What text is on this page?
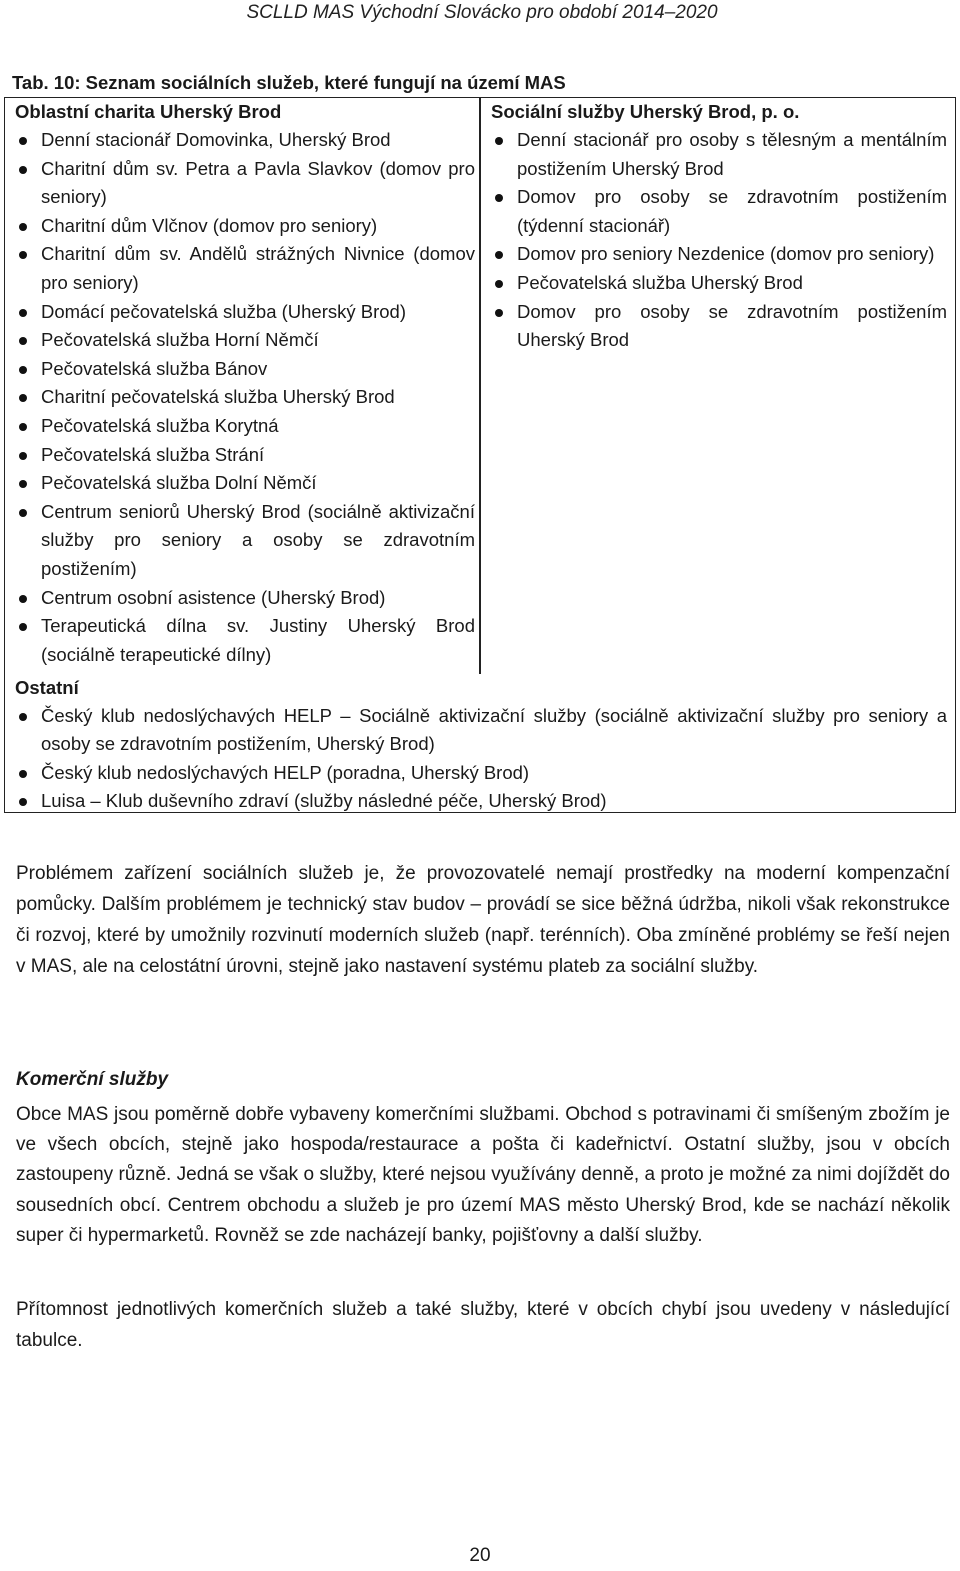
SCLLD MAS Východní Slovácko pro období 2014–2020
Tab. 10: Seznam sociálních služeb, které fungují na území MAS
Oblastní charita Uherský Brod
Denní stacionář Domovinka, Uherský Brod
Charitní dům sv. Petra a Pavla Slavkov (domov pro seniory)
Charitní dům Vlčnov (domov pro seniory)
Charitní dům sv. Andělů strážných Nivnice (domov pro seniory)
Domácí pečovatelská služba (Uherský Brod)
Pečovatelská služba Horní Němčí
Pečovatelská služba Bánov
Charitní pečovatelská služba Uherský Brod
Pečovatelská služba Korytná
Pečovatelská služba Strání
Pečovatelská služba Dolní Němčí
Centrum seniorů Uherský Brod (sociálně aktivizační služby pro seniory a osoby se zdravotním postižením)
Centrum osobní asistence (Uherský Brod)
Terapeutická dílna sv. Justiny Uherský Brod (sociálně terapeutické dílny)
Sociální služby Uherský Brod, p. o.
Denní stacionář pro osoby s tělesným a mentálním postižením Uherský Brod
Domov pro osoby se zdravotním postižením (týdenní stacionář)
Domov pro seniory Nezdenice (domov pro seniory)
Pečovatelská služba Uherský Brod
Domov pro osoby se zdravotním postižením Uherský Brod
Ostatní
Český klub nedoslýchavých HELP – Sociálně aktivizační služby (sociálně aktivizační služby pro seniory a osoby se zdravotním postižením, Uherský Brod)
Český klub nedoslýchavých HELP (poradna, Uherský Brod)
Luisa – Klub duševního zdraví (služby následné péče, Uherský Brod)
Problémem zařízení sociálních služeb je, že provozovatelé nemají prostředky na moderní kompenzační pomůcky. Dalším problémem je technický stav budov – provádí se sice běžná údržba, nikoli však rekonstrukce či rozvoj, které by umožnily rozvinutí moderních služeb (např. terénních). Oba zmíněné problémy se řeší nejen v MAS, ale na celostátní úrovni, stejně jako nastavení systému plateb za sociální služby.
Komerční služby
Obce MAS jsou poměrně dobře vybaveny komerčními službami. Obchod s potravinami či smíšeným zbožím je ve všech obcích, stejně jako hospoda/restaurace a pošta či kadeřnictví. Ostatní služby, jsou v obcích zastoupeny různě. Jedná se však o služby, které nejsou využívány denně, a proto je možné za nimi dojíždět do sousedních obcí. Centrem obchodu a služeb je pro území MAS město Uherský Brod, kde se nachází několik super či hypermarketů. Rovněž se zde nacházejí banky, pojišťovny a další služby.
Přítomnost jednotlivých komerčních služeb a také služby, které v obcích chybí jsou uvedeny v následující tabulce.
20
